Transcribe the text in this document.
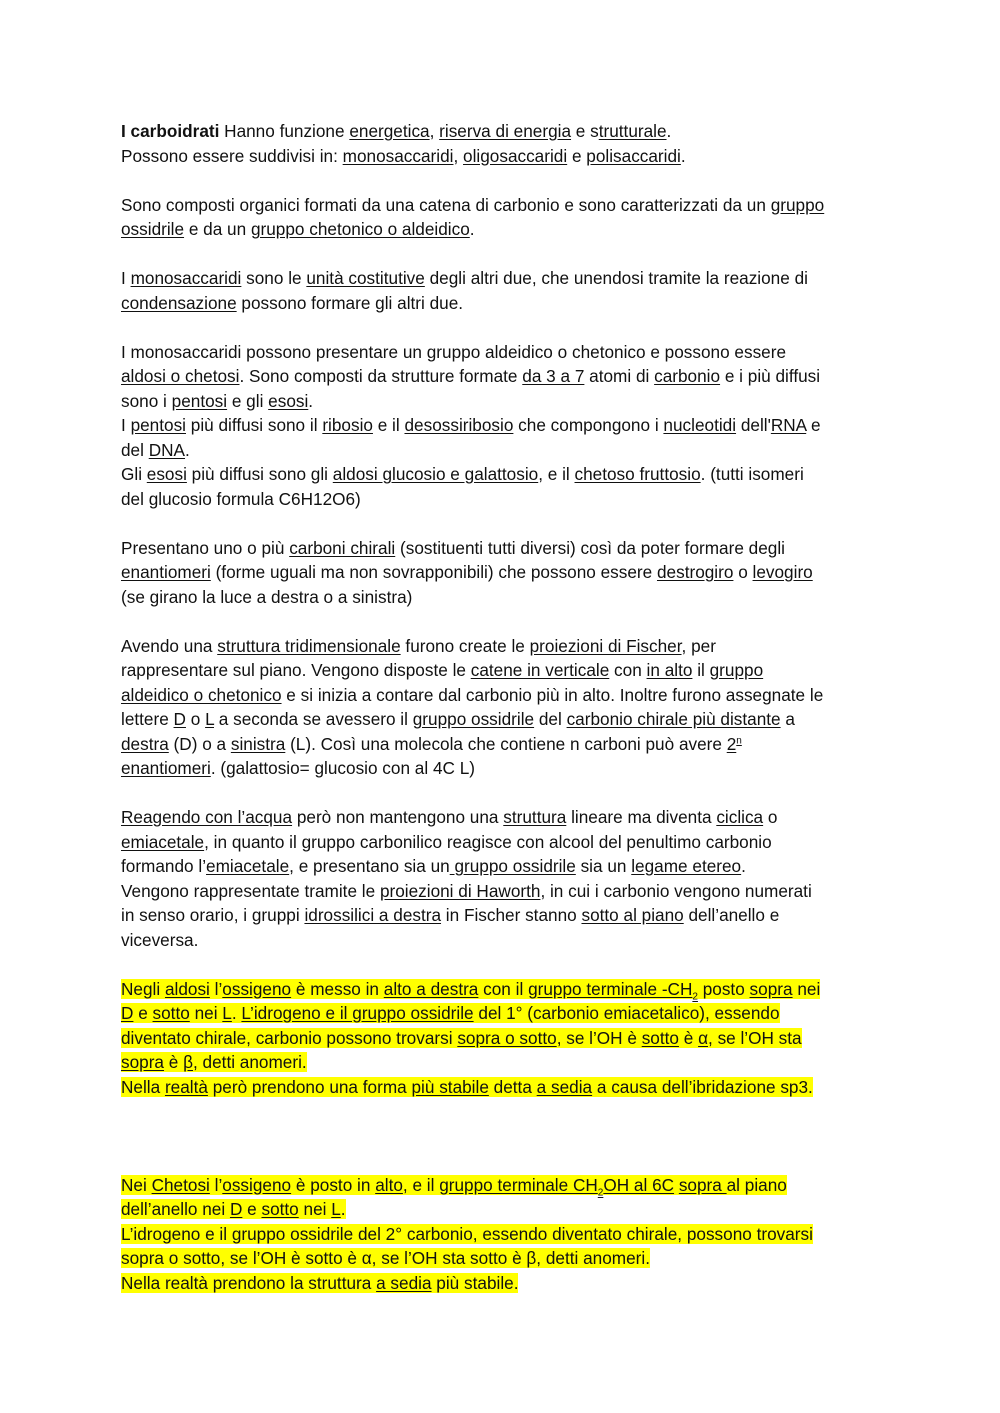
I carboidrati Hanno funzione energetica, riserva di energia e strutturale.
Possono essere suddivisi in: monosaccaridi, oligosaccaridi e polisaccaridi.
Sono composti organici formati da una catena di carbonio e sono caratterizzati da un gruppo
ossidrile e da un gruppo chetonico o aldeidico.
I monosaccaridi sono le unità costitutive degli altri due, che unendosi tramite la reazione di
condensazione possono formare gli altri due.
I monosaccaridi possono presentare un gruppo aldeidico o chetonico e possono essere
aldosi o chetosi. Sono composti da strutture formate da 3 a 7 atomi di carbonio e i più diffusi
sono i pentosi e gli esosi.
I pentosi più diffusi sono il ribosio e il desossiribosio che compongono i nucleotidi dell'RNA e
del DNA.
Gli esosi più diffusi sono gli aldosi glucosio e galattosio, e il chetoso fruttosio. (tutti isomeri
del glucosio formula C6H12O6)
Presentano uno o più carboni chirali (sostituenti tutti diversi) così da poter formare degli
enantiomeri (forme uguali ma non sovrapponibili) che possono essere destrogiro o levogiro
(se girano la luce a destra o a sinistra)
Avendo una struttura tridimensionale furono create le proiezioni di Fischer, per
rappresentare sul piano. Vengono disposte le catene in verticale con in alto il gruppo
aldeidico o chetonico e si inizia a contare dal carbonio più in alto. Inoltre furono assegnate le
lettere D o L a seconda se avessero il gruppo ossidrile del carbonio chirale più distante a
destra (D) o a sinistra (L). Così una molecola che contiene n carboni può avere 2$^n$
enantiomeri. (galattosio= glucosio con al 4C L)
Reagendo con l’acqua però non mantengono una struttura lineare ma diventa ciclica o
emiacetale, in quanto il gruppo carbonilico reagisce con alcool del penultimo carbonio
formando l’emiacetale, e presentano sia un gruppo ossidrile sia un legame etereo.
Vengono rappresentate tramite le proiezioni di Haworth, in cui i carbonio vengono numerati
in senso orario, i gruppi idrossilici a destra in Fischer stanno sotto al piano dell’anello e
viceversa.
Negli aldosi l’ossigeno è messo in alto a destra con il gruppo terminale $-CH_2$ posto sopra nei
D e sotto nei L. L’idrogeno e il gruppo ossidrile del 1° (carbonio emiacetalico), essendo
diventato chirale, carbonio possono trovarsi sopra o sotto, se l’OH è sotto è α, se l’OH sta
sopra è β, detti anomeri.
Nella realtà però prendono una forma più stabile detta a sedia a causa dell’ibridazione sp3.
Nei Chetosi l’ossigeno è posto in alto, e il gruppo terminale $CH_2OH$ al 6C sopra al piano
dell’anello nei D e sotto nei L.
L’idrogeno e il gruppo ossidrile del 2° carbonio, essendo diventato chirale, possono trovarsi
sopra o sotto, se l’OH è sotto è α, se l’OH sta sotto è β, detti anomeri.
Nella realtà prendono la struttura a sedia più stabile.
